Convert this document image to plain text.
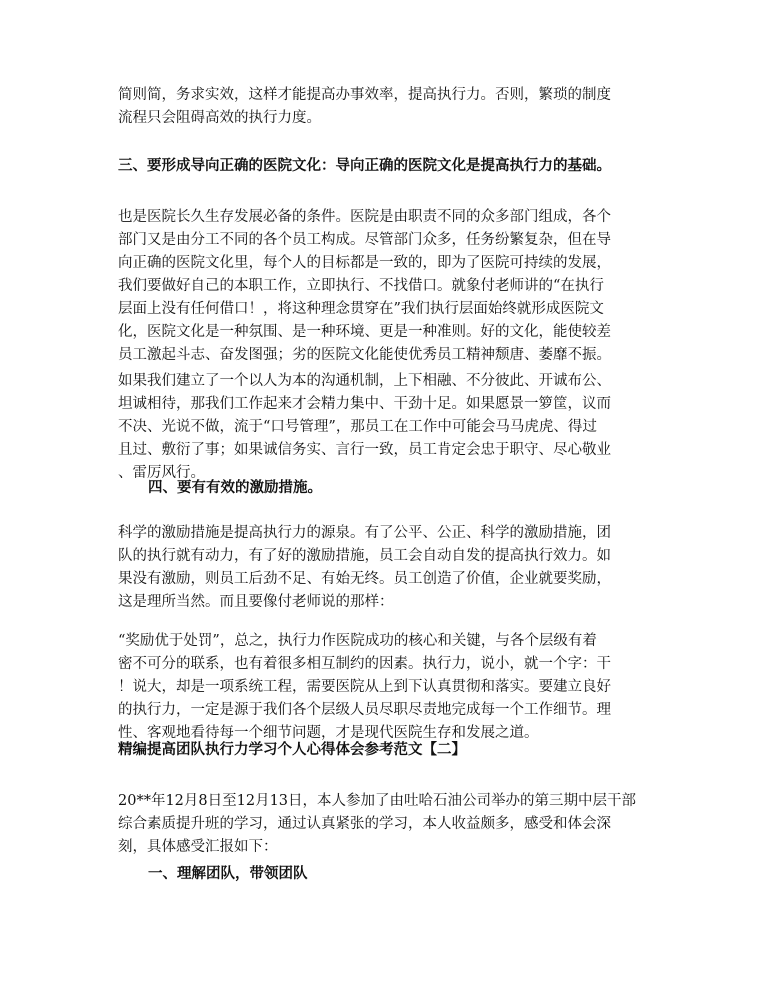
简则简，务求实效，这样才能提高办事效率，提高执行力。否则，繁琐的制度

流程只会阻碍高效的执行力度。

三、要形成导向正确的医院文化：导向正确的医院文化是提高执行力的基础。

也是医院长久生存发展必备的条件。医院是由职责不同的众多部门组成，各个

部门又是由分工不同的各个员工构成。尽管部门众多，任务纷繁复杂，但在导

向正确的医院文化里，每个人的目标都是一致的，即为了医院可持续的发展，

我们要做好自己的本职工作，立即执行、不找借口。就象付老师讲的“在执行

层面上没有任何借口！，将这种理念贯穿在”我们执行层面始终就形成医院文

化，医院文化是一种氛围、是一种环境、更是一种准则。好的文化，能使较差

员工激起斗志、奋发图强；劣的医院文化能使优秀员工精神颓唐、萎靡不振。

如果我们建立了一个以人为本的沟通机制，上下相融、不分彼此、开诚布公、

坦诚相待，那我们工作起来才会精力集中、干劲十足。如果愿景一箩筐，议而

不决、光说不做，流于“口号管理”，那员工在工作中可能会马马虎虎、得过

且过、敷衍了事；如果诚信务实、言行一致，员工肯定会忠于职守、尽心敬业

、雷厉风行。

四、要有有效的激励措施。

科学的激励措施是提高执行力的源泉。有了公平、公正、科学的激励措施，团

队的执行就有动力，有了好的激励措施，员工会自动自发的提高执行效力。如

果没有激励，则员工后劲不足、有始无终。员工创造了价值，企业就要奖励，

这是理所当然。而且要像付老师说的那样：

“奖励优于处罚”，总之，执行力作医院成功的核心和关键，与各个层级有着

密不可分的联系，也有着很多相互制约的因素。执行力，说小，就一个字：干

！说大，却是一项系统工程，需要医院从上到下认真贯彻和落实。要建立良好

的执行力，一定是源于我们各个层级人员尽职尽责地完成每一个工作细节。理

性、客观地看待每一个细节问题，才是现代医院生存和发展之道。

精编提高团队执行力学习个人心得体会参考范文【二】

20**年12月8日至12月13日，本人参加了由吐哈石油公司举办的第三期中层干部

综合素质提升班的学习，通过认真紧张的学习，本人收益颇多，感受和体会深

刻，具体感受汇报如下：

一、理解团队，带领团队
